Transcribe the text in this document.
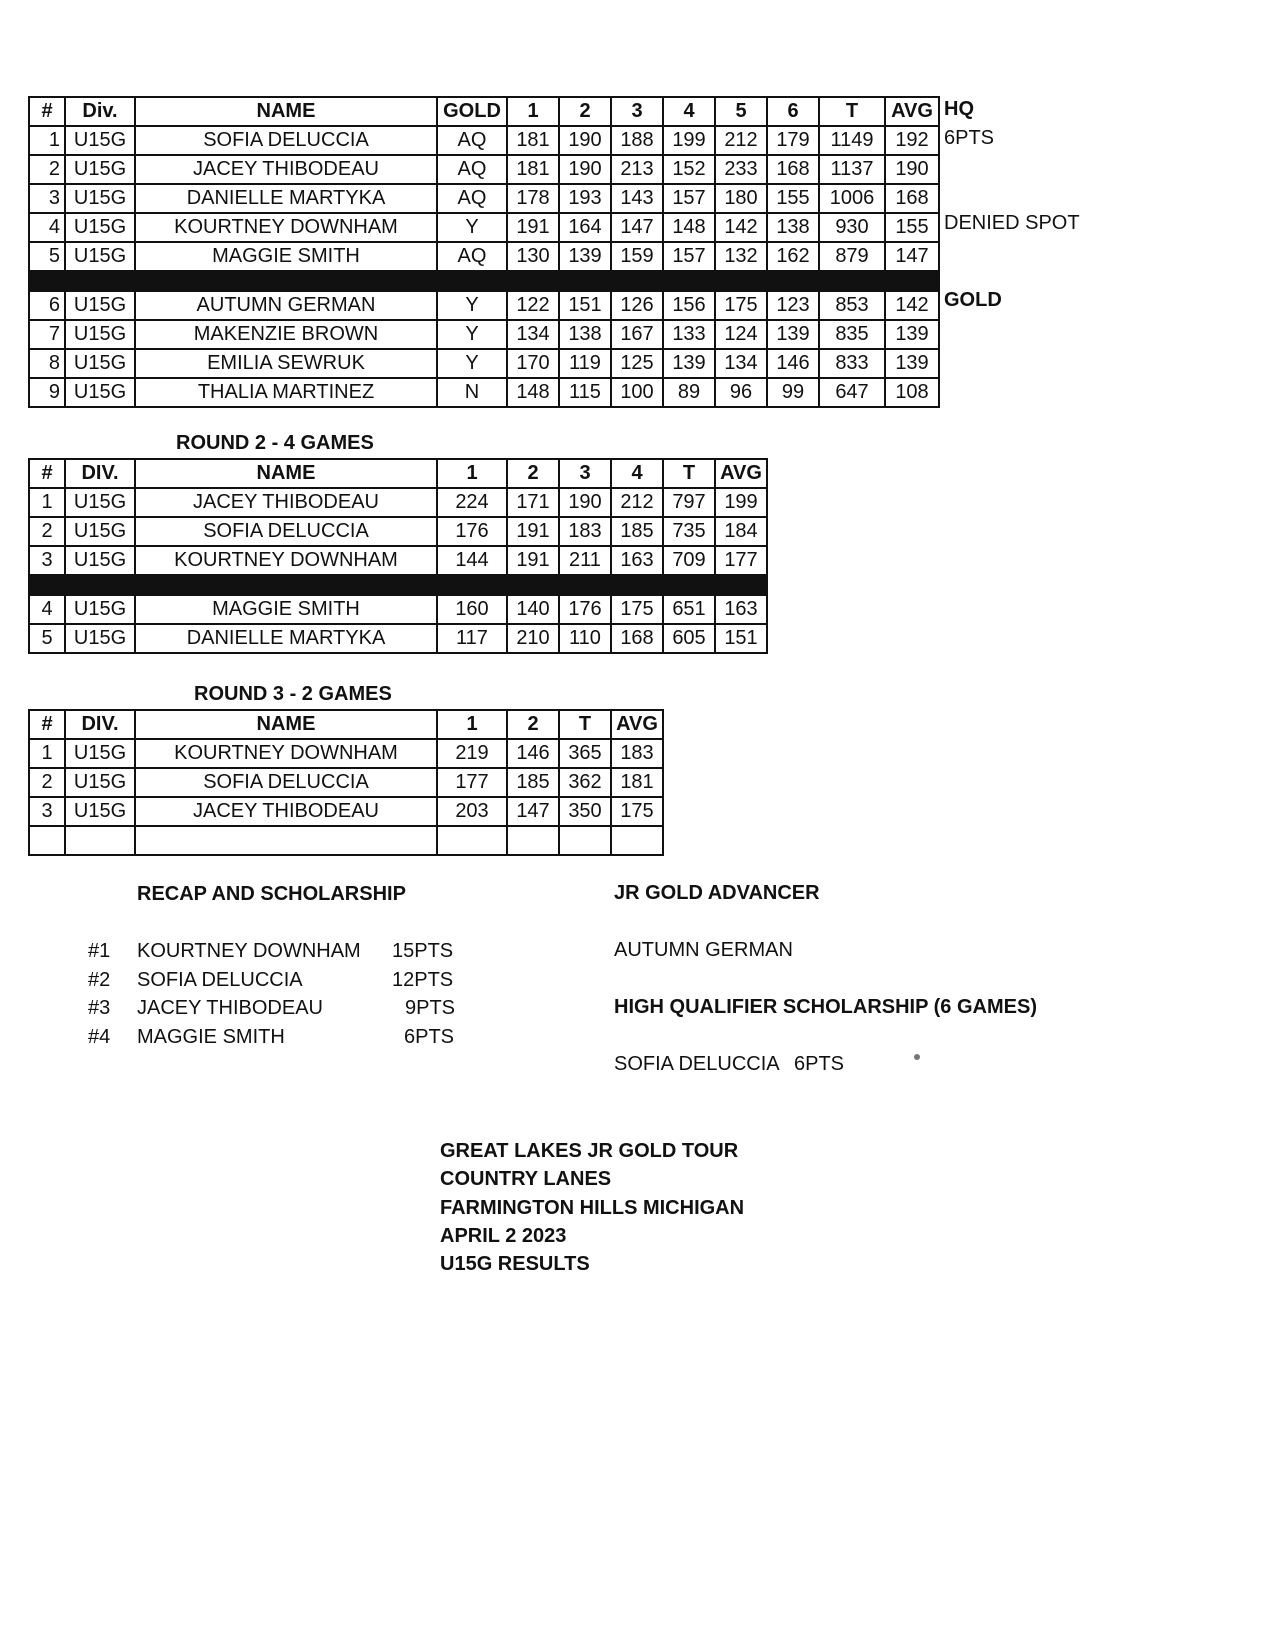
#	Div.	NAME	GOLD	1	2	3	4	5	6	T	AVG
1	U15G	SOFIA DELUCCIA	AQ	181	190	188	199	212	179	1149	192
2	U15G	JACEY THIBODEAU	AQ	181	190	213	152	233	168	1137	190
3	U15G	DANIELLE MARTYKA	AQ	178	193	143	157	180	155	1006	168
4	U15G	KOURTNEY DOWNHAM	Y	191	164	147	148	142	138	930	155
5	U15G	MAGGIE SMITH	AQ	130	139	159	157	132	162	879	147

6	U15G	AUTUMN GERMAN	Y	122	151	126	156	175	123	853	142
7	U15G	MAKENZIE BROWN	Y	134	138	167	133	124	139	835	139
8	U15G	EMILIA SEWRUK	Y	170	119	125	139	134	146	833	139
9	U15G	THALIA MARTINEZ	N	148	115	100	89	96	99	647	108
HQ
6PTS
DENIED SPOT
GOLD
ROUND 2 - 4 GAMES
#	DIV.	NAME	1	2	3	4	T	AVG
1	U15G	JACEY THIBODEAU	224	171	190	212	797	199
2	U15G	SOFIA DELUCCIA	176	191	183	185	735	184
3	U15G	KOURTNEY DOWNHAM	144	191	211	163	709	177

4	U15G	MAGGIE SMITH	160	140	176	175	651	163
5	U15G	DANIELLE MARTYKA	117	210	110	168	605	151
ROUND 3 - 2 GAMES
#	DIV.	NAME	1	2	T	AVG
1	U15G	KOURTNEY DOWNHAM	219	146	365	183
2	U15G	SOFIA DELUCCIA	177	185	362	181
3	U15G	JACEY THIBODEAU	203	147	350	175

RECAP AND SCHOLARSHIP
#1 KOURTNEY DOWNHAM 15PTS
#2 SOFIA DELUCCIA	12PTS
#3 JACEY THIBODEAU	9PTS
#4 MAGGIE SMITH	6PTS
JR GOLD ADVANCER
AUTUMN GERMAN
HIGH QUALIFIER SCHOLARSHIP (6 GAMES)
SOFIA DELUCCIA 6PTS
GREAT LAKES JR GOLD TOUR
COUNTRY LANES
FARMINGTON HILLS MICHIGAN
APRIL 2 2023
U15G RESULTS
